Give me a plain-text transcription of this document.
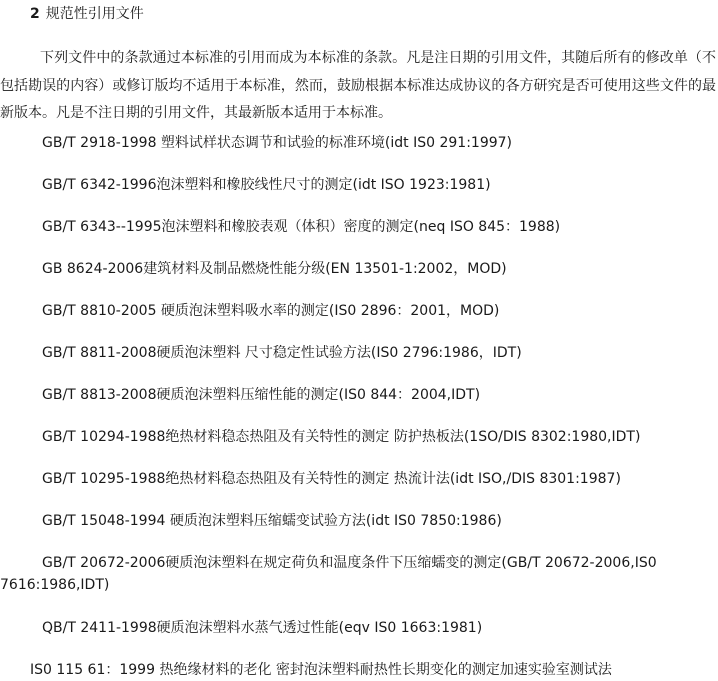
2 规范性引用文件

下列文件中的条款通过本标准的引用而成为本标准的条款。凡是注日期的引用文件，其随后所有的修改单（不包括勘误的内容）或修订版均不适用于本标准，然而，鼓励根据本标准达成协议的各方研究是否可使用这些文件的最新版本。凡是不注日期的引用文件，其最新版本适用于本标准。

GB/T 2918-1998 塑料试样状态调节和试验的标准环境(idt IS0 291:1997)

GB/T 6342-1996泡沫塑料和橡胶线性尺寸的测定(idt ISO 1923:1981)

GB/T 6343--1995泡沫塑料和橡胶表观（体积）密度的测定(neq ISO 845：1988)

GB 8624-2006建筑材料及制品燃烧性能分级(EN 13501-1:2002，MOD)

GB/T 8810-2005 硬质泡沫塑料吸水率的测定(IS0 2896：2001，MOD)

GB/T 8811-2008硬质泡沫塑料 尺寸稳定性试验方法(IS0 2796:1986，IDT)

GB/T 8813-2008硬质泡沫塑料压缩性能的测定(IS0 844：2004,IDT)

GB/T 10294-1988绝热材料稳态热阻及有关特性的测定 防护热板法(1SO/DIS 8302:1980,IDT)

GB/T 10295-1988绝热材料稳态热阻及有关特性的测定 热流计法(idt ISO,/DIS 8301:1987)

GB/T 15048-1994 硬质泡沫塑料压缩蠕变试验方法(idt IS0 7850:1986)

GB/T 20672-2006硬质泡沫塑料在规定荷负和温度条件下压缩蠕变的测定(GB/T 20672-2006,IS0 7616:1986,IDT)

QB/T 2411-1998硬质泡沫塑料水蒸气透过性能(eqv IS0 1663:1981)

IS0 115 61：1999 热绝缘材料的老化 密封泡沫塑料耐热性长期变化的测定加速实验室测试法
